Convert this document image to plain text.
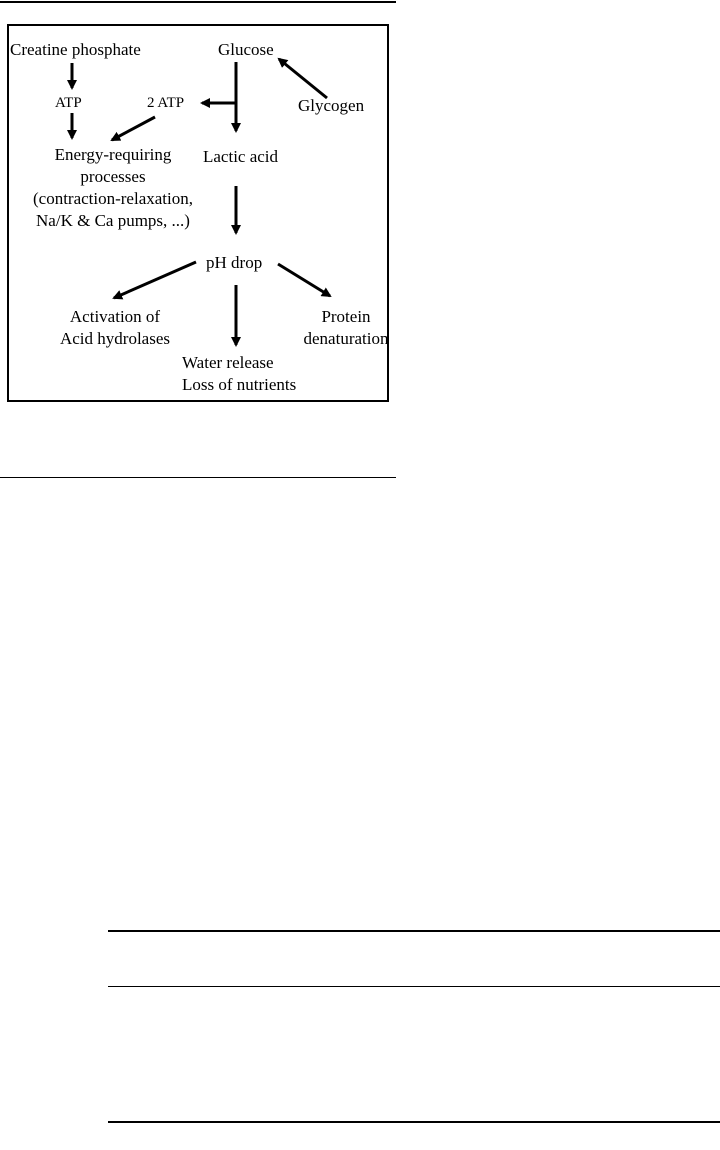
Creatine phosphate	Glucose
ATP	2 ATP	Glycogen
Energy-requiring
processes
(contraction-relaxation,
Na/K & Ca pumps, ...)
Lactic acid
pH drop
Activation of
Acid hydrolases
Protein
denaturation
Water release
Loss of nutrients
